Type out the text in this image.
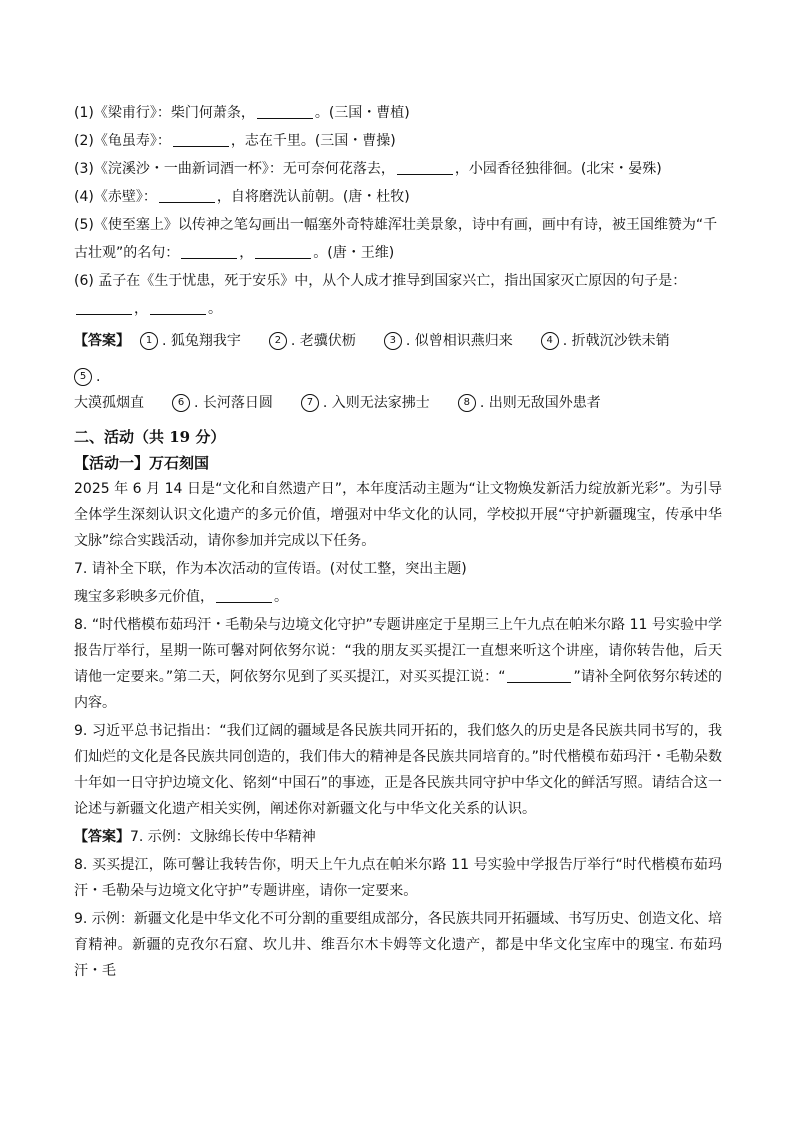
(1)《梁甫行》：柴门何萧条，	。(三国・曹植)
(2)《龟虽寿》：	，志在千里。(三国・曹操)
(3)《浣溪沙・一曲新词酒一杯》：无可奈何花落去，	，小园香径独徘徊。(北宋・晏殊)
(4)《赤壁》：	，自将磨洗认前朝。(唐・杜牧)
(5)《使至塞上》以传神之笔勾画出一幅塞外奇特雄浑壮美景象，诗中有画，画中有诗，被王国维赞为“千
古壮观”的名句：	，	。(唐・王维)
(6) 孟子在《生于忧患，死于安乐》中，从个人成才推导到国家兴亡，指出国家灭亡原因的句子是：
，	。
【答案】	1 . 狐兔翔我宇	2 . 老骥伏枥	3 . 似曾相识燕归来	4 . 折戟沉沙铁未销
5 .
大漠孤烟直	6 . 长河落日圆	7 . 入则无法家拂士	8 . 出则无敌国外患者
二、活动（共 19 分）
【活动一】万石刻国
2025 年 6 月 14 日是“文化和自然遗产日”，本年度活动主题为“让文物焕发新活力绽放新光彩”。为引导全体学生深刻认识文化遗产的多元价值，增强对中华文化的认同，学校拟开展“守护新疆瑰宝，传承中华文脉”综合实践活动，请你参加并完成以下任务。
7. 请补全下联，作为本次活动的宣传语。(对仗工整，突出主题)
瑰宝多彩映多元价值，	。
8. “时代楷模布茹玛汗・毛勒朵与边境文化守护”专题讲座定于星期三上午九点在帕米尔路 11 号实验中学报告厅举行，星期一陈可馨对阿依努尔说：“我的朋友买买提江一直想来听这个讲座，请你转告他，后天请他一定要来。”第二天，阿依努尔见到了买买提江，对买买提江说：“	”请补全阿依努尔转述的内容。
9. 习近平总书记指出：“我们辽阔的疆域是各民族共同开拓的，我们悠久的历史是各民族共同书写的，我们灿烂的文化是各民族共同创造的，我们伟大的精神是各民族共同培育的。”时代楷模布茹玛汗・毛勒朵数十年如一日守护边境文化、铭刻“中国石”的事迹，正是各民族共同守护中华文化的鲜活写照。请结合这一论述与新疆文化遗产相关实例，阐述你对新疆文化与中华文化关系的认识。
【答案】7. 示例：文脉绵长传中华精神
8. 买买提江，陈可馨让我转告你，明天上午九点在帕米尔路 11 号实验中学报告厅举行“时代楷模布茹玛汗・毛勒朵与边境文化守护”专题讲座，请你一定要来。
9. 示例：新疆文化是中华文化不可分割的重要组成部分，各民族共同开拓疆域、书写历史、创造文化、培育精神。新疆的克孜尔石窟、坎儿井、维吾尔木卡姆等文化遗产，都是中华文化宝库中的瑰宝. 布茹玛汗・毛
